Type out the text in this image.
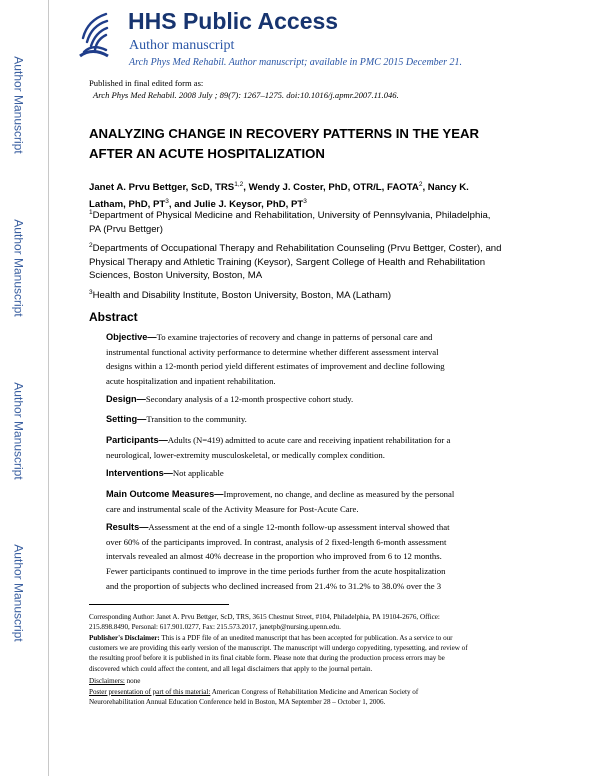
Author Manuscript
Author Manuscript
Author Manuscript
Author Manuscript
HHS Public Access
Author manuscript
Arch Phys Med Rehabil. Author manuscript; available in PMC 2015 December 21.
Published in final edited form as:
Arch Phys Med Rehabil. 2008 July ; 89(7): 1267–1275. doi:10.1016/j.apmr.2007.11.046.
ANALYZING CHANGE IN RECOVERY PATTERNS IN THE YEAR
AFTER AN ACUTE HOSPITALIZATION
Janet A. Prvu Bettger, ScD, TRS$^{1,2}$, Wendy J. Coster, PhD, OTR/L, FAOTA$^2$, Nancy K.
Latham, PhD, $PT^3$, and Julie J. Keysor, PhD, $PT^3$
$^1$Department of Physical Medicine and Rehabilitation, University of Pennsylvania, Philadelphia,
PA (Prvu Bettger)
$^2$Departments of Occupational Therapy and Rehabilitation Counseling (Prvu Bettger, Coster), and
Physical Therapy and Athletic Training (Keysor), Sargent College of Health and Rehabilitation
Sciences, Boston University, Boston, MA
$^3$Health and Disability Institute, Boston University, Boston, MA (Latham)
Abstract
Objective—To examine trajectories of recovery and change in patterns of personal care and
instrumental functional activity performance to determine whether different assessment interval
designs within a 12-month period yield different estimates of improvement and decline following
acute hospitalization and inpatient rehabilitation.
Design—Secondary analysis of a 12-month prospective cohort study.
Setting—Transition to the community.
Participants—Adults (N=419) admitted to acute care and receiving inpatient rehabilitation for a
neurological, lower-extremity musculoskeletal, or medically complex condition.
Interventions—Not applicable
Main Outcome Measures—Improvement, no change, and decline as measured by the personal
care and instrumental scale of the Activity Measure for Post-Acute Care.
Results—Assessment at the end of a single 12-month follow-up assessment interval showed that
over 60% of the participants improved. In contrast, analysis of 2 fixed-length 6-month assessment
intervals revealed an almost 40% decrease in the proportion who improved from 6 to 12 months.
Fewer participants continued to improve in the time periods further from the acute hospitalization
and the proportion of subjects who declined increased from 21.4% to 31.2% to 38.0% over the 3
Corresponding Author: Janet A. Prvu Bettger, ScD, TRS, 3615 Chestnut Street, #104, Philadelphia, PA 19104-2676, Office:
215.898.8490, Personal: 617.901.0277, Fax: 215.573.2017, janetpb@nursing.upenn.edu.
Publisher's Disclaimer: This is a PDF file of an unedited manuscript that has been accepted for publication. As a service to our
customers we are providing this early version of the manuscript. The manuscript will undergo copyediting, typesetting, and review of
the resulting proof before it is published in its final citable form. Please note that during the production process errors may be
discovered which could affect the content, and all legal disclaimers that apply to the journal pertain.
Disclaimers: none
Poster presentation of part of this material: American Congress of Rehabilitation Medicine and American Society of
Neurorehabilitation Annual Education Conference held in Boston, MA September 28 – October 1, 2006.
